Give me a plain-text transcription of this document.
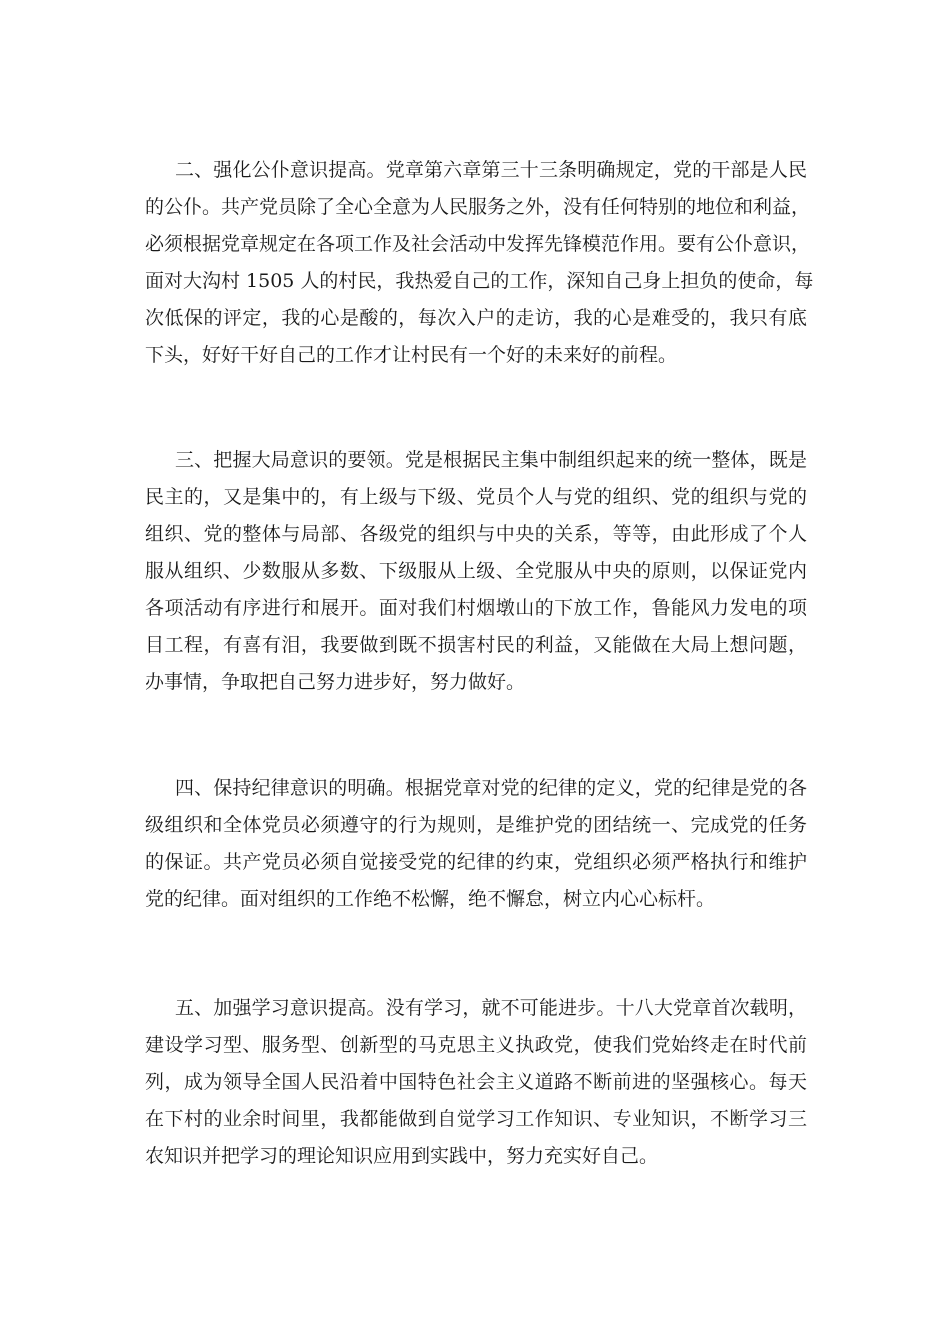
二、强化公仆意识提高。党章第六章第三十三条明确规定，党的干部是人民
的公仆。共产党员除了全心全意为人民服务之外，没有任何特别的地位和利益，
必须根据党章规定在各项工作及社会活动中发挥先锋模范作用。要有公仆意识，
面对大沟村 1505 人的村民，我热爱自己的工作，深知自己身上担负的使命，每
次低保的评定，我的心是酸的，每次入户的走访，我的心是难受的，我只有底
下头，好好干好自己的工作才让村民有一个好的未来好的前程。
三、把握大局意识的要领。党是根据民主集中制组织起来的统一整体，既是
民主的，又是集中的，有上级与下级、党员个人与党的组织、党的组织与党的
组织、党的整体与局部、各级党的组织与中央的关系，等等，由此形成了个人
服从组织、少数服从多数、下级服从上级、全党服从中央的原则，以保证党内
各项活动有序进行和展开。面对我们村烟墩山的下放工作，鲁能风力发电的项
目工程，有喜有泪，我要做到既不损害村民的利益，又能做在大局上想问题，
办事情，争取把自己努力进步好，努力做好。
四、保持纪律意识的明确。根据党章对党的纪律的定义，党的纪律是党的各
级组织和全体党员必须遵守的行为规则，是维护党的团结统一、完成党的任务
的保证。共产党员必须自觉接受党的纪律的约束，党组织必须严格执行和维护
党的纪律。面对组织的工作绝不松懈，绝不懈怠，树立内心心标杆。
五、加强学习意识提高。没有学习，就不可能进步。十八大党章首次载明，
建设学习型、服务型、创新型的马克思主义执政党，使我们党始终走在时代前
列，成为领导全国人民沿着中国特色社会主义道路不断前进的坚强核心。每天
在下村的业余时间里，我都能做到自觉学习工作知识、专业知识，不断学习三
农知识并把学习的理论知识应用到实践中，努力充实好自己。
